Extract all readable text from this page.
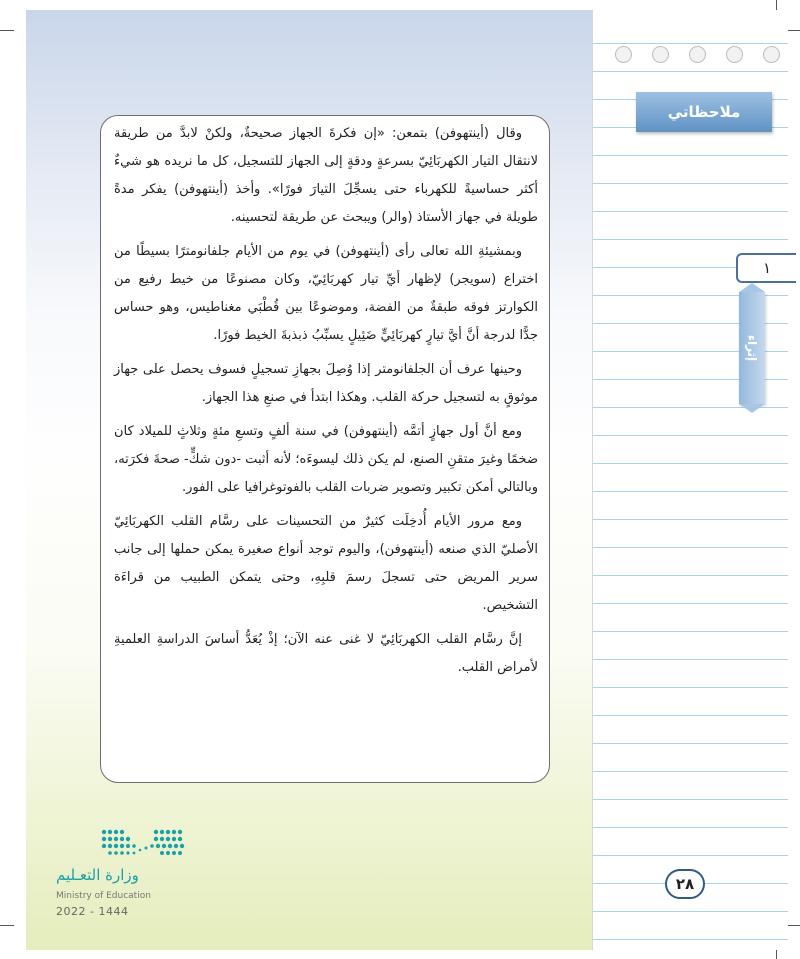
وقال (أينتهوفن) بتمعن: «إن فكرةَ الجهاز صحيحةٌ، ولكنْ لابدَّ من طريقة لانتقال التيار الكهربَائِيّ بسرعةٍ ودقةٍ إلى الجهاز للتسجيل، كل ما نريده هو شيءٌ أكثر حساسيةً للكهرباء حتى يسجِّلَ التيارَ فورًا». وأخذ (أينتهوفن) يفكر مدةً طويلة في جهاز الأستاذ (والر) ويبحث عن طريقة لتحسينه.

وبمشيئةِ الله تعالى رأى (أينتهوفن) في يوم من الأيام جلفانومترًا بسيطًا من اختراع (سويجر) لإظهار أيِّ تيار كهربَائِيّ، وكان مصنوعًا من خيط رفيع من الكوارتز فوقه طبقةٌ من الفضة، وموضوعًا بين قُطْبَي مغناطيس، وهو حساس جدًّا لدرجة أنَّ أيَّ تيارٍ كهربَائِيٍّ ضَئِيلٍ يسبِّبُ ذبذبةَ الخيط فورًا.

وحينها عرف أن الجلفانومتر إذا وُصِلَ بجهازِ تسجيلٍ فسوف يحصل على جهاز موثوقٍ به لتسجيل حركة القلب. وهكذا ابتدأ في صنعِ هذا الجهاز.

ومع أنَّ أول جهازٍ أتمَّه (أينتهوفن) في سنة ألفٍ وتسعِ مئةٍ وثلاثٍ للميلاد كان ضخمًا وغيرَ متقنِ الصنع، لم يكن ذلك ليسوءَه؛ لأنه أثبت -دون شكٍّ- صحةَ فكرَته، وبالتالي أمكن تكبير وتصوير ضربات القلب بالفوتوغرافيا على الفور.

ومع مرور الأيام أُدخِلَت كثيرٌ من التحسينات على رسَّام القلب الكهربَائِيّ الأصليّ الذي صنعه (أينتهوفن)، واليوم توجد أنواع صغيرة يمكن حملها إلى جانب سرير المريض حتى تسجلَ رسمَ قلبِهِ، وحتى يتمكن الطبيب من قراءَة التشخيص.

إنَّ رسَّام القلب الكهربَائِيّ لا غنى عنه الآن؛ إذْ يُعَدُّ أساسَ الدراسةِ العلميةِ لأمراض القلب.

وزارة التعـليم
Ministry of Education
2022 - 1444
ملاحظاتي
١
إثراء
٢٨
